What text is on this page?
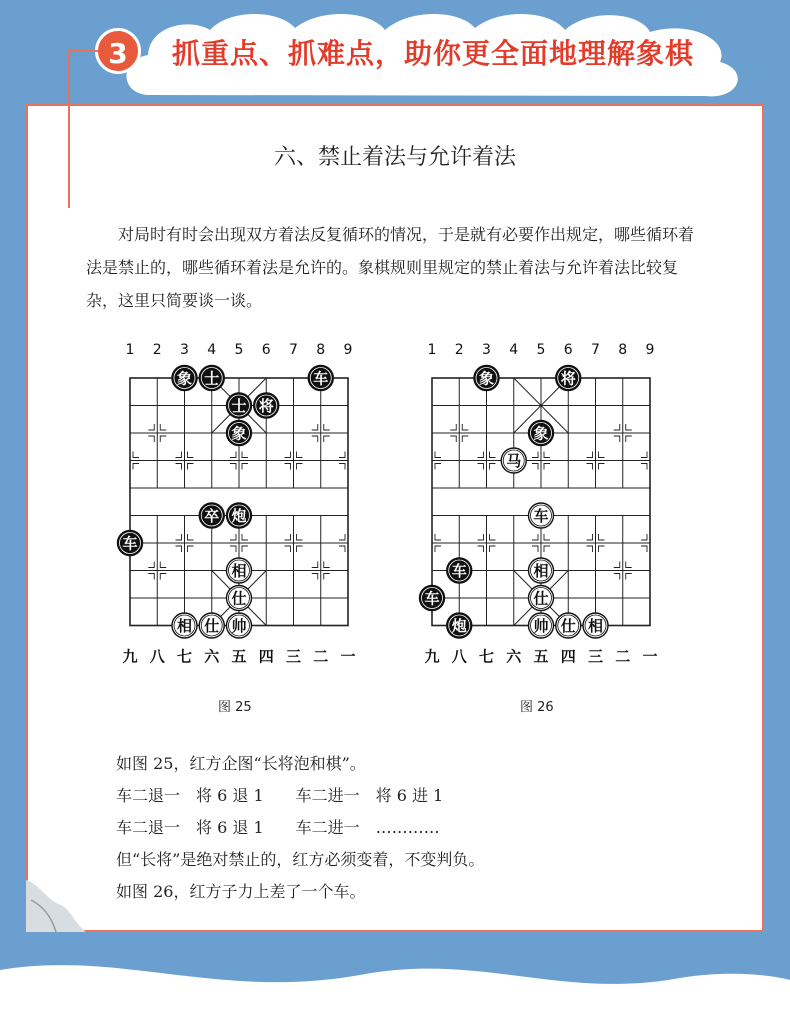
3	抓重点、抓难点，助你更全面地理解象棋
六、禁止着法与允许着法
对局时有时会出现双方着法反复循环的情况，于是就有必要作出规定，哪些循环着法是禁止的，哪些循环着法是允许的。象棋规则里规定的禁止着法与允许着法比较复杂，这里只简要谈一谈。
1 2 3 4 5 6 7 8 9
九 八 七 六 五 四 三 二 一
象 士	车
士 将
象
卒 炮
车
相
仕
相 仕 帅
1 2 3 4 5 6 7 8 9
九 八 七 六 五 四 三 二 一
象	将
象
车
车
炮
马
车
相
仕
帅 仕 相
图 25	图 26
如图 25，红方企图“长将泡和棋”。
车二退一　将 6 退 1　　车二进一　将 6 进 1
车二退一　将 6 退 1　　车二进一　…………
但“长将”是绝对禁止的，红方必须变着，不变判负。
如图 26，红方子力上差了一个车。
